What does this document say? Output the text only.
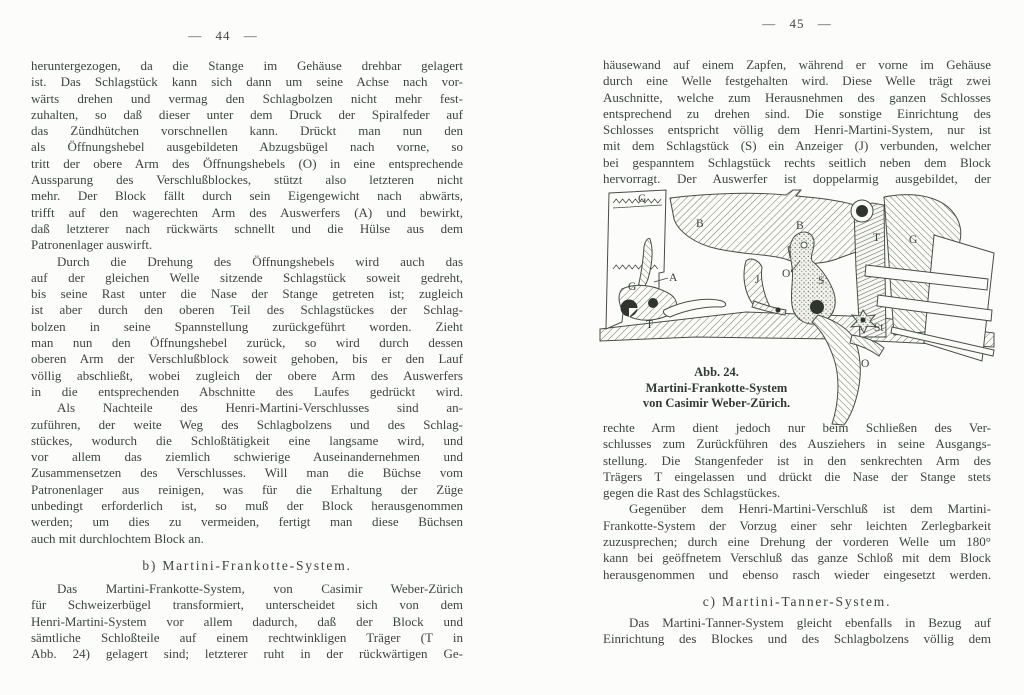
— 44 —
heruntergezogen, da die Stange im Gehäuse drehbar gelagert
ist. Das Schlagstück kann sich dann um seine Achse nach vor-
wärts drehen und vermag den Schlagbolzen nicht mehr fest-
zuhalten, so daß dieser unter dem Druck der Spiralfeder auf
das Zündhütchen vorschnellen kann. Drückt man nun den
als Öffnungshebel ausgebildeten Abzugsbügel nach vorne, so
tritt der obere Arm des Öffnungshebels (O) in eine entsprechende
Aussparung des Verschlußblockes, stützt also letzteren nicht
mehr. Der Block fällt durch sein Eigengewicht nach abwärts,
trifft auf den wagerechten Arm des Auswerfers (A) und bewirkt,
daß letzterer nach rückwärts schnellt und die Hülse aus dem
Patronenlager auswirft.
Durch die Drehung des Öffnungshebels wird auch das
auf der gleichen Welle sitzende Schlagstück soweit gedreht,
bis seine Rast unter die Nase der Stange getreten ist; zugleich
ist aber durch den oberen Teil des Schlagstückes der Schlag-
bolzen in seine Spannstellung zurückgeführt worden. Zieht
man nun den Öffnungshebel zurück, so wird durch dessen
oberen Arm der Verschlußblock soweit gehoben, bis er den Lauf
völlig abschließt, wobei zugleich der obere Arm des Auswerfers
in die entsprechenden Abschnitte des Laufes gedrückt wird.
Als Nachteile des Henri-Martini-Verschlusses sind an-
zuführen, der weite Weg des Schlagbolzens und des Schlag-
stückes, wodurch die Schloßtätigkeit eine langsame wird, und
vor allem das ziemlich schwierige Auseinandernehmen und
Zusammensetzen des Verschlusses. Will man die Büchse vom
Patronenlager aus reinigen, was für die Erhaltung der Züge
unbedingt erforderlich ist, so muß der Block herausgenommen
werden; um dies zu vermeiden, fertigt man diese Büchsen
auch mit durchlochtem Block an.
b) Martini-Frankotte-System.
Das Martini-Frankotte-System, von Casimir Weber-Zürich
für Schweizerbügel transformiert, unterscheidet sich von dem
Henri-Martini-System vor allem dadurch, daß der Block und
sämtliche Schloßteile auf einem rechtwinkligen Träger (T in
Abb. 24) gelagert sind; letzterer ruht in der rückwärtigen Ge-
— 45 —
häusewand auf einem Zapfen, während er vorne im Gehäuse
durch eine Welle festgehalten wird. Diese Welle trägt zwei
Auschnitte, welche zum Herausnehmen des ganzen Schlosses
entsprechend zu drehen sind. Die sonstige Einrichtung des
Schlosses entspricht völlig dem Henri-Martini-System, nur ist
mit dem Schlagstück (S) ein Anzeiger (J) verbunden, welcher
bei gespanntem Schlagstück rechts seitlich neben dem Block
hervorragt. Der Auswerfer ist doppelarmig ausgebildet, der
G
B	B
T	G
A
G
J O'
S
T	St
O
Abb. 24.
Martini-Frankotte-System
von Casimir Weber-Zürich.
rechte Arm dient jedoch nur beim Schließen des Ver-
schlusses zum Zurückführen des Ausziehers in seine Ausgangs-
stellung. Die Stangenfeder ist in den senkrechten Arm des
Trägers T eingelassen und drückt die Nase der Stange stets
gegen die Rast des Schlagstückes.
Gegenüber dem Henri-Martini-Verschluß ist dem Martini-
Frankotte-System der Vorzug einer sehr leichten Zerlegbarkeit
zuzusprechen; durch eine Drehung der vorderen Welle um 180°
kann bei geöffnetem Verschluß das ganze Schloß mit dem Block
herausgenommen und ebenso rasch wieder eingesetzt werden.
c) Martini-Tanner-System.
Das Martini-Tanner-System gleicht ebenfalls in Bezug auf
Einrichtung des Blockes und des Schlagbolzens völlig dem
